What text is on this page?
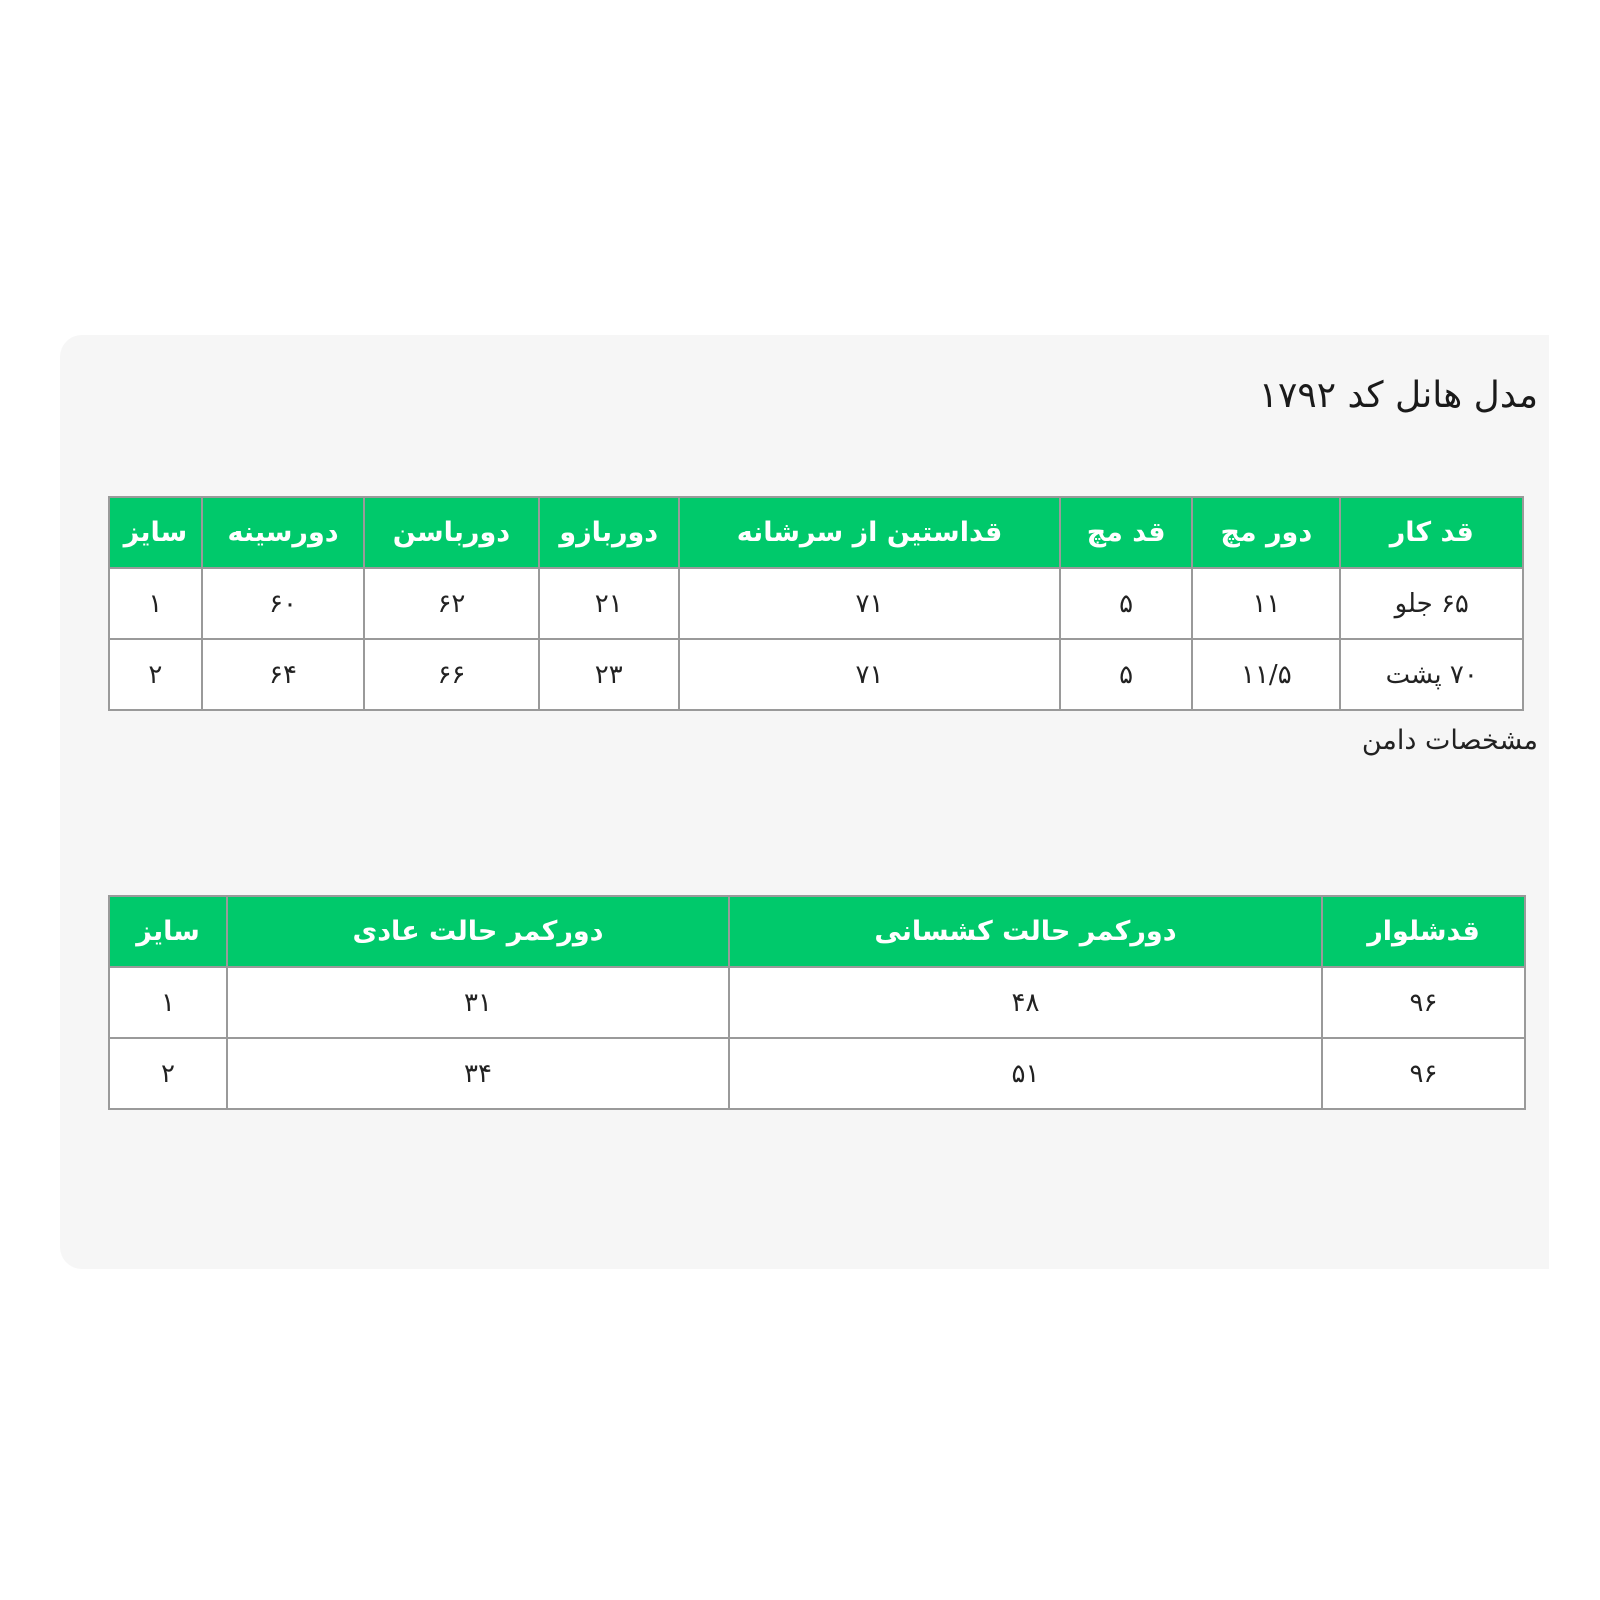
مدل هانل کد ۱۷۹۲
قد کار	دور مچ	قد مچ	قداستین از سرشانه	دوربازو	دورباسن	دورسینه	سایز
۶۵ جلو	۱۱	۵	۷۱	۲۱	۶۲	۶۰	۱
۷۰ پشت	۱۱/۵	۵	۷۱	۲۳	۶۶	۶۴	۲

مشخصات دامن

قدشلوار	دورکمر حالت کشسانی	دورکمر حالت عادی	سایز
۹۶	۴۸	۳۱	۱
۹۶	۵۱	۳۴	۲
